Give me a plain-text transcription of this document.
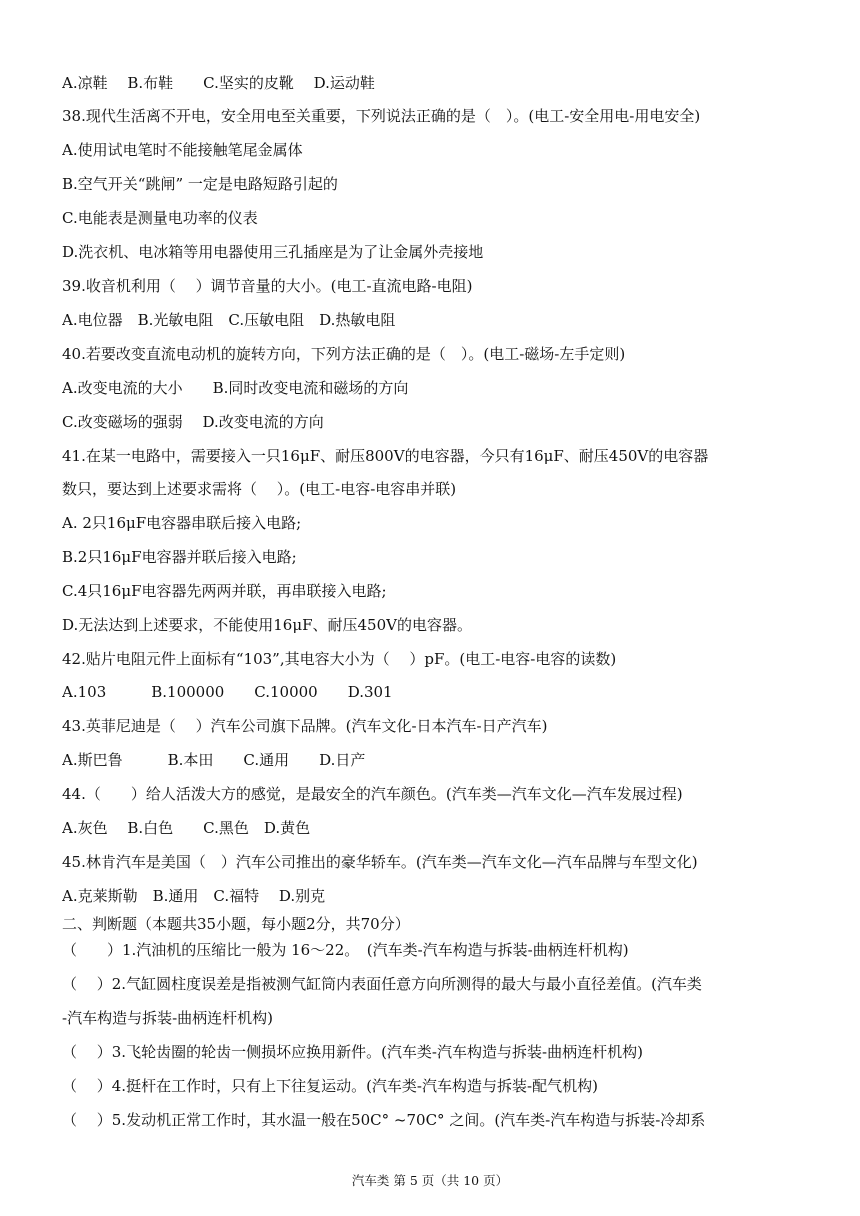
A.凉鞋　 B.布鞋　　C.坚实的皮靴　 D.运动鞋
38.现代生活离不开电，安全用电至关重要，下列说法正确的是（　）。(电工-安全用电-用电安全)
A.使用试电笔时不能接触笔尾金属体
B.空气开关“跳闸” 一定是电路短路引起的
C.电能表是测量电功率的仪表
D.洗衣机、电冰箱等用电器使用三孔插座是为了让金属外壳接地
39.收音机利用（　 ）调节音量的大小。(电工-直流电路-电阻)
A.电位器　B.光敏电阻　C.压敏电阻　D.热敏电阻
40.若要改变直流电动机的旋转方向，下列方法正确的是（　）。(电工-磁场-左手定则)
A.改变电流的大小　　B.同时改变电流和磁场的方向
C.改变磁场的强弱　 D.改变电流的方向
41.在某一电路中，需要接入一只16μF、耐压800V的电容器，今只有16μF、耐压450V的电容器
数只，要达到上述要求需将（　 ）。(电工-电容-电容串并联)
A. 2只16μF电容器串联后接入电路;
B.2只16μF电容器并联后接入电路;
C.4只16μF电容器先两两并联，再串联接入电路;
D.无法达到上述要求，不能使用16μF、耐压450V的电容器。
42.贴片电阻元件上面标有“103”,其电容大小为（　 ）pF。(电工-电容-电容的读数)
A.103　　　B.100000　　C.10000　　D.301
43.英菲尼迪是（　 ）汽车公司旗下品牌。(汽车文化-日本汽车-日产汽车)
A.斯巴鲁　　　B.本田　　C.通用　　D.日产
44.（　　）给人活泼大方的感觉，是最安全的汽车颜色。(汽车类—汽车文化—汽车发展过程)
A.灰色　 B.白色　　C.黑色　D.黄色
45.林肯汽车是美国（　）汽车公司推出的豪华轿车。(汽车类—汽车文化—汽车品牌与车型文化)
A.克莱斯勒　B.通用　C.福特　 D.别克
二、判断题（本题共35小题，每小题2分，共70分）
（　　）1.汽油机的压缩比一般为 16～22。　(汽车类-汽车构造与拆装-曲柄连杆机构)
（　 ）2.气缸圆柱度误差是指被测气缸筒内表面任意方向所测得的最大与最小直径差值。(汽车类
-汽车构造与拆装-曲柄连杆机构)
（　 ）3.飞轮齿圈的轮齿一侧损坏应换用新件。(汽车类-汽车构造与拆装-曲柄连杆机构)
（　 ）4.挺杆在工作时，只有上下往复运动。(汽车类-汽车构造与拆装-配气机构)
（　 ）5.发动机正常工作时，其水温一般在50C° ~70C° 之间。(汽车类-汽车构造与拆装-冷却系
汽车类 第 5 页（共 10 页）
